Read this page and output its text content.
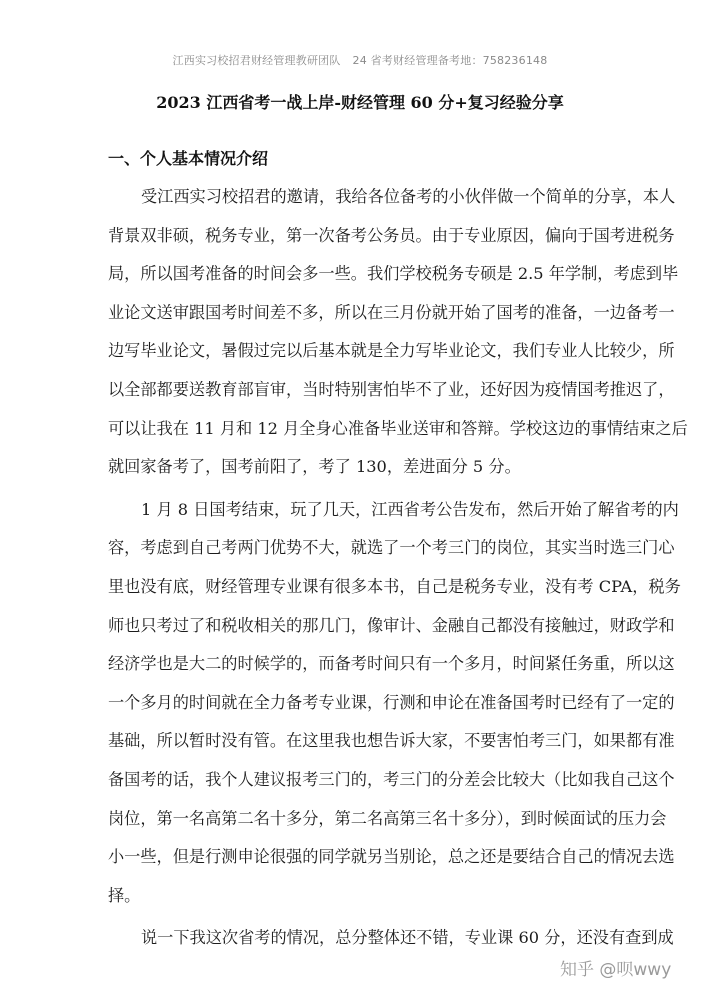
江西实习校招君财经管理教研团队 24 省考财经管理备考地：758236148
2023 江西省考一战上岸-财经管理 60 分+复习经验分享
一、个人基本情况介绍
受江西实习校招君的邀请，我给各位备考的小伙伴做一个简单的分享，本人
背景双非硕，税务专业，第一次备考公务员。由于专业原因，偏向于国考进税务
局，所以国考准备的时间会多一些。我们学校税务专硕是 2.5 年学制，考虑到毕
业论文送审跟国考时间差不多，所以在三月份就开始了国考的准备，一边备考一
边写毕业论文，暑假过完以后基本就是全力写毕业论文，我们专业人比较少，所
以全部都要送教育部盲审，当时特别害怕毕不了业，还好因为疫情国考推迟了，
可以让我在 11 月和 12 月全身心准备毕业送审和答辩。学校这边的事情结束之后
就回家备考了，国考前阳了，考了 130，差进面分 5 分。
1 月 8 日国考结束，玩了几天，江西省考公告发布，然后开始了解省考的内
容，考虑到自己考两门优势不大，就选了一个考三门的岗位，其实当时选三门心
里也没有底，财经管理专业课有很多本书，自己是税务专业，没有考 CPA，税务
师也只考过了和税收相关的那几门，像审计、金融自己都没有接触过，财政学和
经济学也是大二的时候学的，而备考时间只有一个多月，时间紧任务重，所以这
一个多月的时间就在全力备考专业课，行测和申论在准备国考时已经有了一定的
基础，所以暂时没有管。在这里我也想告诉大家，不要害怕考三门，如果都有准
备国考的话，我个人建议报考三门的，考三门的分差会比较大（比如我自己这个
岗位，第一名高第二名十多分，第二名高第三名十多分），到时候面试的压力会
小一些，但是行测申论很强的同学就另当别论，总之还是要结合自己的情况去选
择。
说一下我这次省考的情况，总分整体还不错，专业课 60 分，还没有查到成
知乎 @呗wwy
